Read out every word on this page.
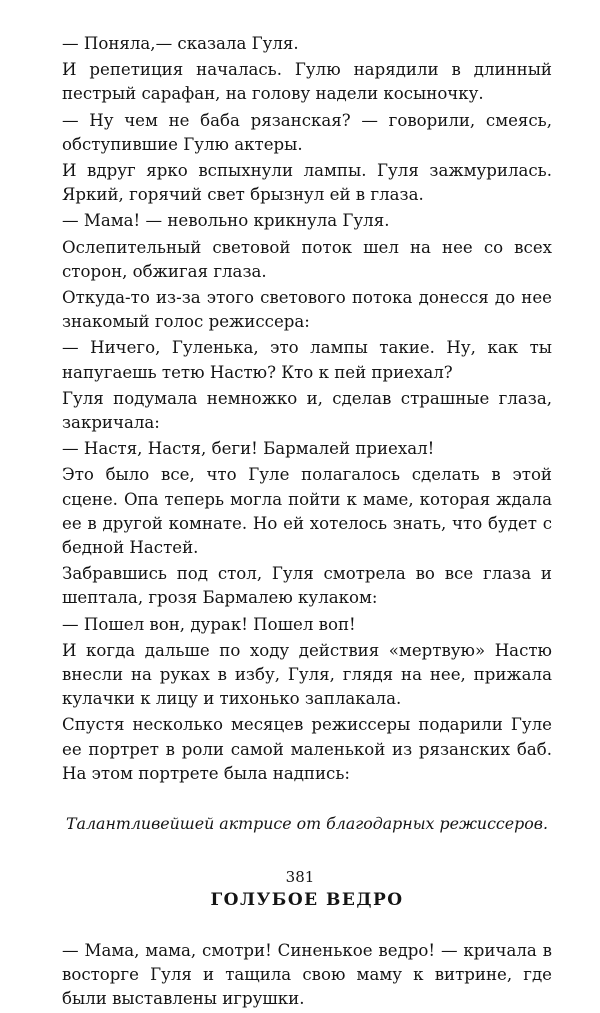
— Поняла,— сказала Гуля.

И репетиция началась. Гулю нарядили в длинный пестрый сарафан, на голову надели косыночку.

— Ну чем не баба рязанская? — говорили, смеясь, обступившие Гулю актеры.

И вдруг ярко вспыхнули лампы. Гуля зажмурилась. Яркий, горячий свет брызнул ей в глаза.

— Мама! — невольно крикнула Гуля.

Ослепительный световой поток шел на нее со всех сторон, обжигая глаза.

Откуда-то из-за этого светового потока донесся до нее знакомый голос режиссера:

— Ничего, Гуленька, это лампы такие. Ну, как ты напугаешь тетю Настю? Кто к пей приехал?

Гуля подумала немножко и, сделав страшные глаза, закричала:

— Настя, Настя, беги! Бармалей приехал!

Это было все, что Гуле полагалось сделать в этой сцене. Опа теперь могла пойти к маме, которая ждала ее в другой комнате. Но ей хотелось знать, что будет с бедной Настей.

Забравшись под стол, Гуля смотрела во все глаза и шептала, грозя Бармалею кулаком:

— Пошел вон, дурак! Пошел воп!

И когда дальше по ходу действия «мертвую» Настю внесли на руках в избу, Гуля, глядя на нее, прижала кулачки к лицу и тихонько заплакала.

Спустя несколько месяцев режиссеры подарили Гуле ее портрет в роли самой маленькой из рязанских баб. На этом портрете была надпись:

Талантливейшей актрисе от благодарных режиссеров.

ГОЛУБОЕ ВЕДРО

— Мама, мама, смотри! Синенькое ведро! — кричала в восторге Гуля и тащила свою маму к витрине, где были выставлены игрушки.

381
